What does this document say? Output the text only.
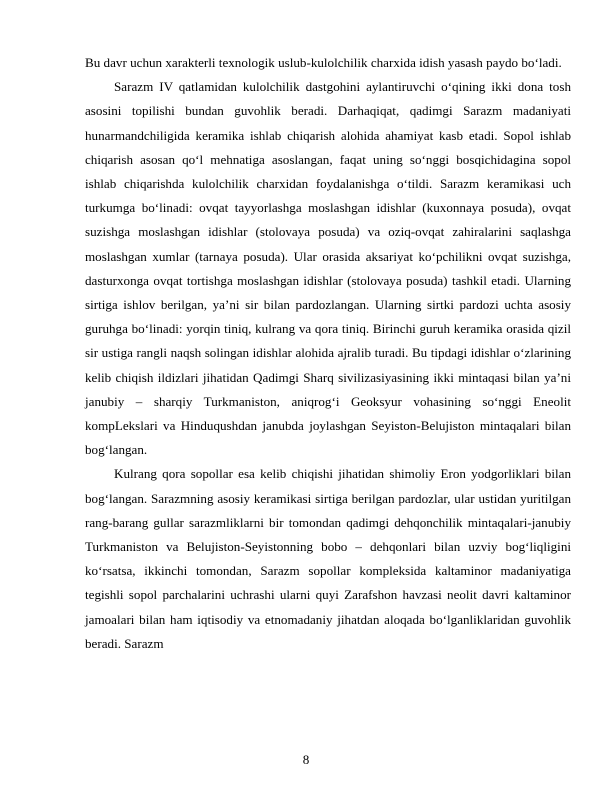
Bu davr uchun xarakterli texnologik uslub-kulolchilik charxida idish yasash paydo bo‘ladi.

Sarazm IV qatlamidan kulolchilik dastgohini aylantiruvchi o‘qining ikki dona tosh asosini topilishi bundan guvohlik beradi. Darhaqiqat, qadimgi Sarazm madaniyati hunarmandchiligida keramika ishlab chiqarish alohida ahamiyat kasb etadi. Sopol ishlab chiqarish asosan qo‘l mehnatiga asoslangan, faqat uning so‘nggi bosqichidagina sopol ishlab chiqarishda kulolchilik charxidan foydalanishga o‘tildi. Sarazm keramikasi uch turkumga bo‘linadi: ovqat tayyorlashga moslashgan idishlar (kuxonnaya posuda), ovqat suzishga moslashgan idishlar (stolovaya posuda) va oziq-ovqat zahiralarini saqlashga moslashgan xumlar (tarnaya posuda). Ular orasida aksariyat ko‘pchilikni ovqat suzishga, dasturxonga ovqat tortishga moslashgan idishlar (stolovaya posuda) tashkil etadi. Ularning sirtiga ishlov berilgan, ya’ni sir bilan pardozlangan. Ularning sirtki pardozi uchta asosiy guruhga bo‘linadi: yorqin tiniq, kulrang va qora tiniq. Birinchi guruh keramika orasida qizil sir ustiga rangli naqsh solingan idishlar alohida ajralib turadi. Bu tipdagi idishlar o‘zlarining kelib chiqish ildizlari jihatidan Qadimgi Sharq sivilizasiyasining ikki mintaqasi bilan ya’ni janubiy – sharqiy Turkmaniston, aniqrog‘i Geoksyur vohasining so‘nggi Eneolit kompLekslari va Hinduqushdan janubda joylashgan Seyiston-Belujiston mintaqalari bilan bog‘langan.

Kulrang qora sopollar esa kelib chiqishi jihatidan shimoliy Eron yodgorliklari bilan bog‘langan. Sarazmning asosiy keramikasi sirtiga berilgan pardozlar, ular ustidan yuritilgan rang-barang gullar sarazmliklarni bir tomondan qadimgi dehqonchilik mintaqalari-janubiy Turkmaniston va Belujiston-Seyistonning bobo – dehqonlari bilan uzviy bog‘liqligini ko‘rsatsa, ikkinchi tomondan, Sarazm sopollar kompleksida kaltaminor madaniyatiga tegishli sopol parchalarini uchrashi ularni quyi Zarafshon havzasi neolit davri kaltaminor jamoalari bilan ham iqtisodiy va etnomadaniy jihatdan aloqada bo‘lganliklaridan guvohlik beradi. Sarazm

8
